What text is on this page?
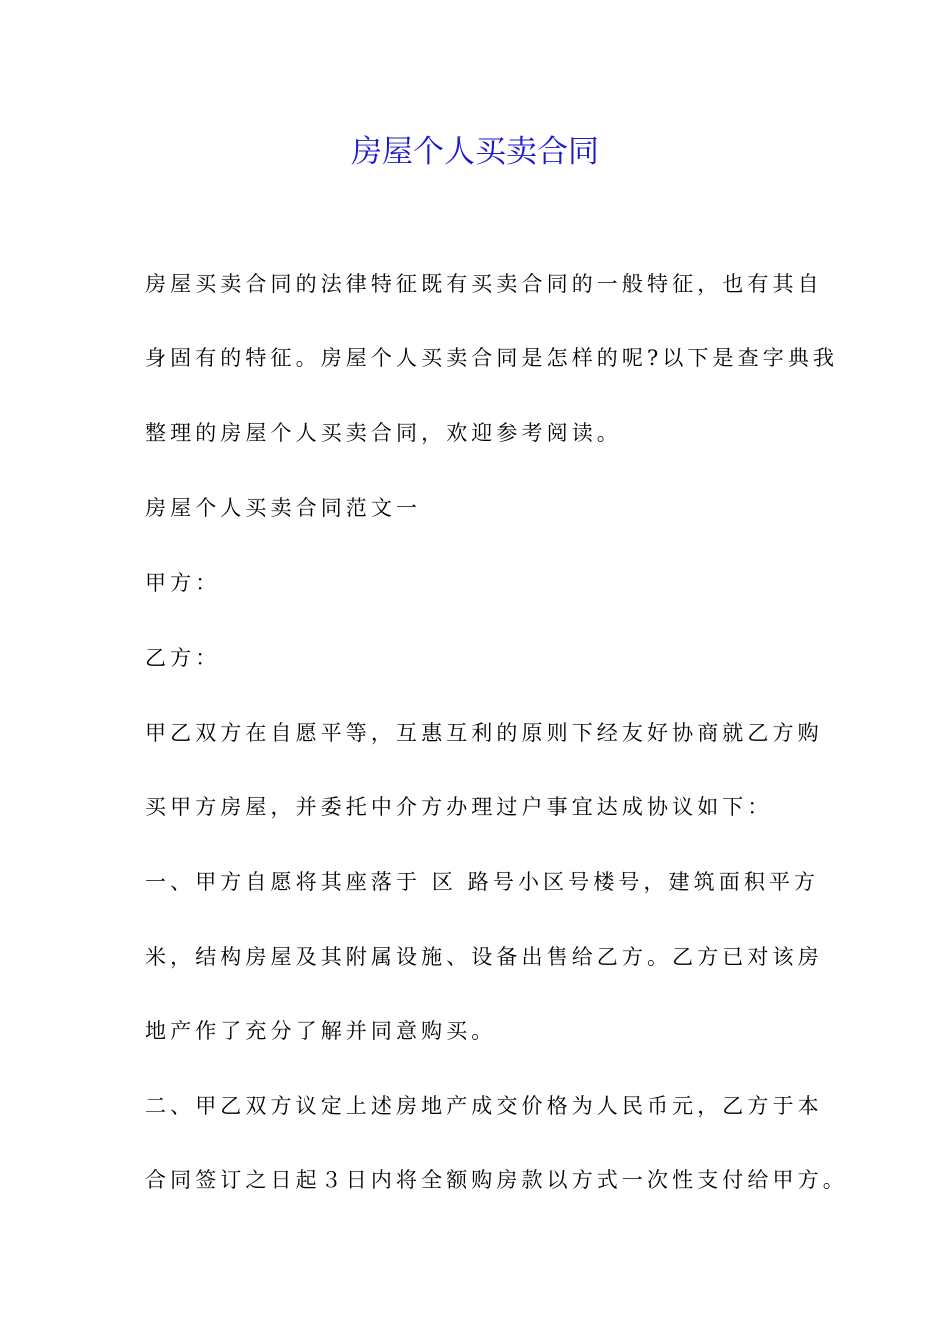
房屋个人买卖合同
房屋买卖合同的法律特征既有买卖合同的一般特征，也有其自
身固有的特征。房屋个人买卖合同是怎样的呢?以下是查字典我
整理的房屋个人买卖合同，欢迎参考阅读。
房屋个人买卖合同范文一
甲方：
乙方：
甲乙双方在自愿平等，互惠互利的原则下经友好协商就乙方购
买甲方房屋，并委托中介方办理过户事宜达成协议如下：
一、甲方自愿将其座落于 区 路号小区号楼号，建筑面积平方
米，结构房屋及其附属设施、设备出售给乙方。乙方已对该房
地产作了充分了解并同意购买。
二、甲乙双方议定上述房地产成交价格为人民币元，乙方于本
合同签订之日起３日内将全额购房款以方式一次性支付给甲方。
